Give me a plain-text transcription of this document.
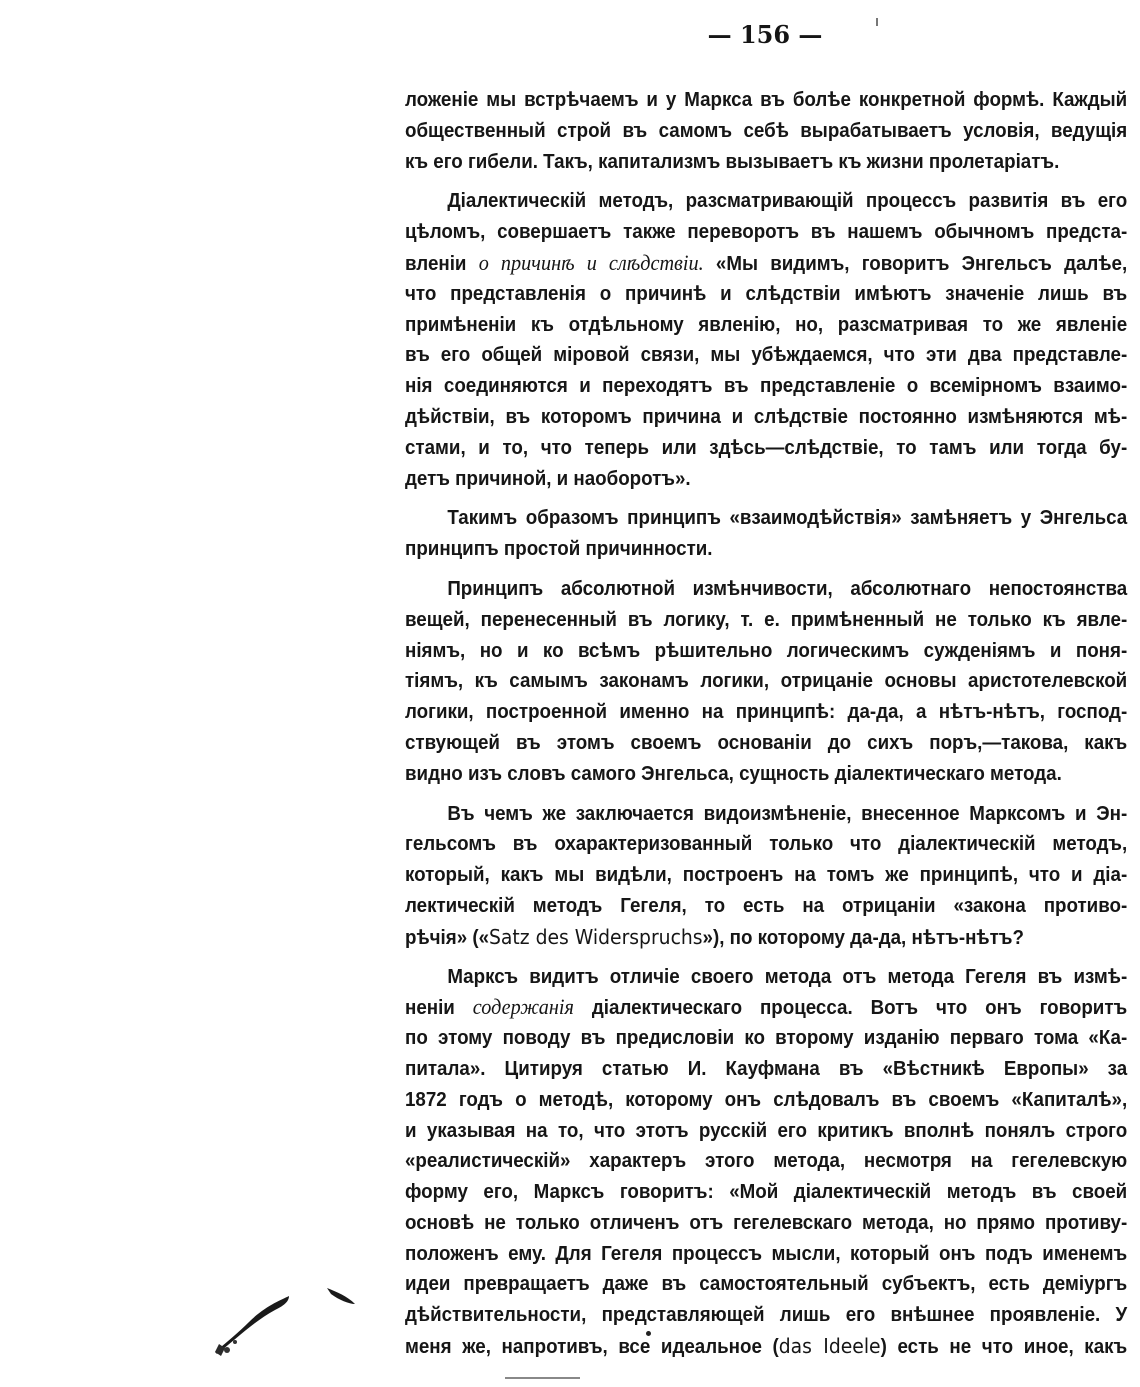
— 156 —
ложеніе мы встрѣчаемъ и у Маркса въ болѣе конкретной формѣ. Каждый
общественный строй въ самомъ себѣ вырабатываетъ условія, ведущія
къ его гибели. Такъ, капитализмъ вызываетъ къ жизни пролетаріатъ.
Діалектическій методъ, разсматривающій процессъ развитія въ его
цѣломъ, совершаетъ также переворотъ въ нашемъ обычномъ предста-
вленіи о причинѣ и слѣдствіи. «Мы видимъ, говоритъ Энгельсъ далѣе,
что представленія о причинѣ и слѣдствіи имѣютъ значеніе лишь въ
примѣненіи къ отдѣльному явленію, но, разсматривая то же явленіе
въ его общей міровой связи, мы убѣждаемся, что эти два представле-
нія соединяются и переходятъ въ представленіе о всемірномъ взаимо-
дѣйствіи, въ которомъ причина и слѣдствіе постоянно измѣняются мѣ-
стами, и то, что теперь или здѣсь—слѣдствіе, то тамъ или тогда бу-
детъ причиной, и наоборотъ».
Такимъ образомъ принципъ «взаимодѣйствія» замѣняетъ у Энгельса
принципъ простой причинности.
Принципъ абсолютной измѣнчивости, абсолютнаго непостоянства
вещей, перенесенный въ логику, т. е. примѣненный не только къ явле-
ніямъ, но и ко всѣмъ рѣшительно логическимъ сужденіямъ и поня-
тіямъ, къ самымъ законамъ логики, отрицаніе основы аристотелевской
логики, построенной именно на принципѣ: да-да, а нѣтъ-нѣтъ, господ-
ствующей въ этомъ своемъ основаніи до сихъ поръ,—такова, какъ
видно изъ словъ самого Энгельса, сущность діалектическаго метода.
Въ чемъ же заключается видоизмѣненіе, внесенное Марксомъ и Эн-
гельсомъ въ охарактеризованный только что діалектическій методъ,
который, какъ мы видѣли, построенъ на томъ же принципѣ, что и діа-
лектическій методъ Гегеля, то есть на отрицаніи «закона противо-
рѣчія» («Satz des Widerspruchs»), по которому да-да, нѣтъ-нѣтъ?
Марксъ видитъ отличіе своего метода отъ метода Гегеля въ измѣ-
неніи содержанія діалектическаго процесса. Вотъ что онъ говоритъ
по этому поводу въ предисловіи ко второму изданію перваго тома «Ка-
питала». Цитируя статью И. Кауфмана въ «Вѣстникѣ Европы» за
1872 годъ о методѣ, которому онъ слѣдовалъ въ своемъ «Капиталѣ»,
и указывая на то, что этотъ русскій его критикъ вполнѣ понялъ строго
«реалистическій» характеръ этого метода, несмотря на гегелевскую
форму его, Марксъ говоритъ: «Мой діалектическій методъ въ своей
основѣ не только отличенъ отъ гегелевскаго метода, но прямо противу-
положенъ ему. Для Гегеля процессъ мысли, который онъ подъ именемъ
идеи превращаетъ даже въ самостоятельный субъектъ, есть деміургъ
дѣйствительности, представляющей лишь его внѣшнее проявленіе. У
меня же, напротивъ, все идеальное (das Ideele) есть не что иное, какъ
